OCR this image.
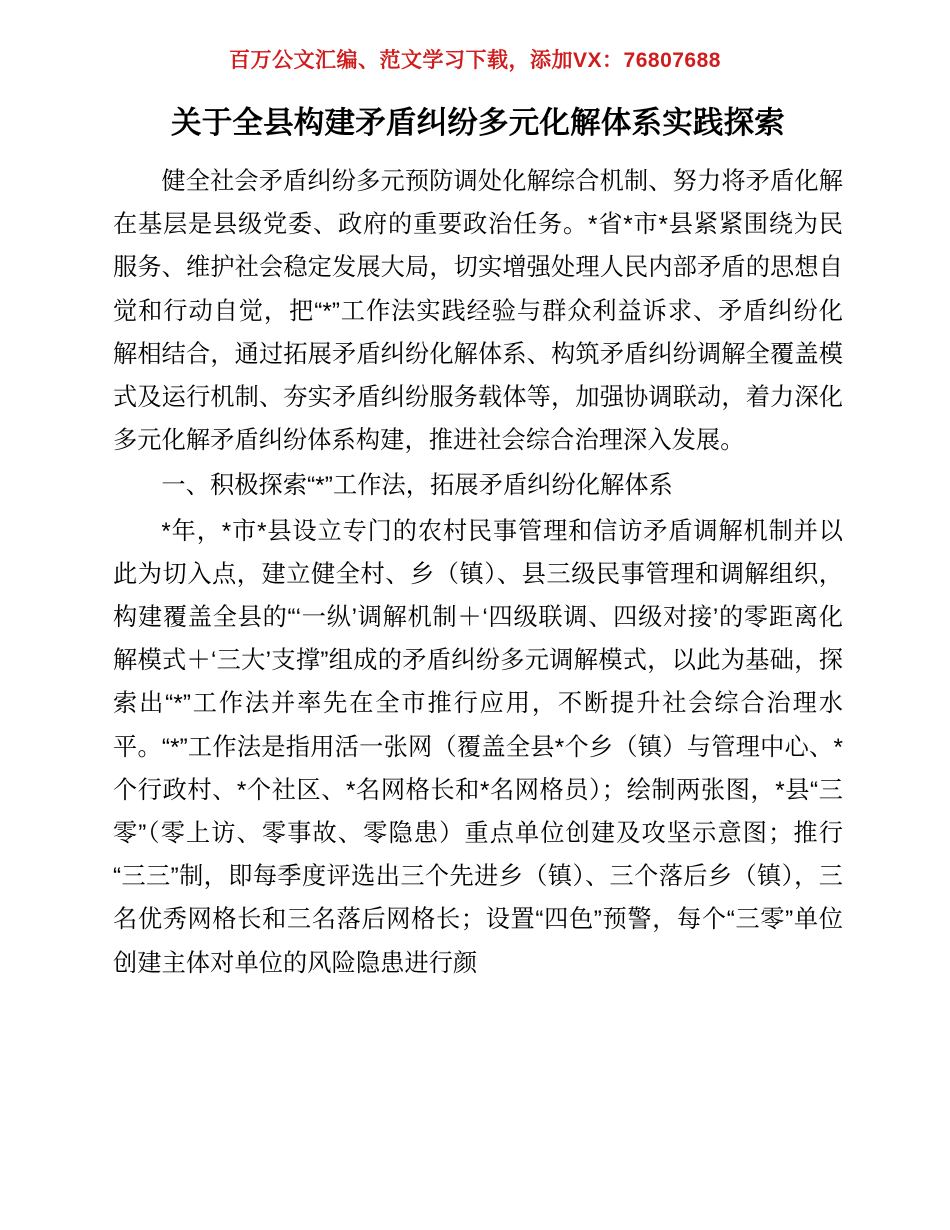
百万公文汇编、范文学习下载，添加VX：76807688
关于全县构建矛盾纠纷多元化解体系实践探索

健全社会矛盾纠纷多元预防调处化解综合机制、努力将矛盾化解在基层是县级党委、政府的重要政治任务。*省*市*县紧紧围绕为民服务、维护社会稳定发展大局，切实增强处理人民内部矛盾的思想自觉和行动自觉，把“*”工作法实践经验与群众利益诉求、矛盾纠纷化解相结合，通过拓展矛盾纠纷化解体系、构筑矛盾纠纷调解全覆盖模式及运行机制、夯实矛盾纠纷服务载体等，加强协调联动，着力深化多元化解矛盾纠纷体系构建，推进社会综合治理深入发展。

一、积极探索“*”工作法，拓展矛盾纠纷化解体系

*年，*市*县设立专门的农村民事管理和信访矛盾调解机制并以此为切入点，建立健全村、乡（镇）、县三级民事管理和调解组织，构建覆盖全县的“‘一纵’调解机制＋‘四级联调、四级对接’的零距离化解模式＋‘三大’支撑”组成的矛盾纠纷多元调解模式，以此为基础，探索出“*”工作法并率先在全市推行应用，不断提升社会综合治理水平。“*”工作法是指用活一张网（覆盖全县*个乡（镇）与管理中心、*个行政村、*个社区、*名网格长和*名网格员）；绘制两张图，*县“三零”（零上访、零事故、零隐患）重点单位创建及攻坚示意图；推行“三三”制，即每季度评选出三个先进乡（镇）、三个落后乡（镇），三名优秀网格长和三名落后网格长；设置“四色”预警，每个“三零”单位创建主体对单位的风险隐患进行颜
